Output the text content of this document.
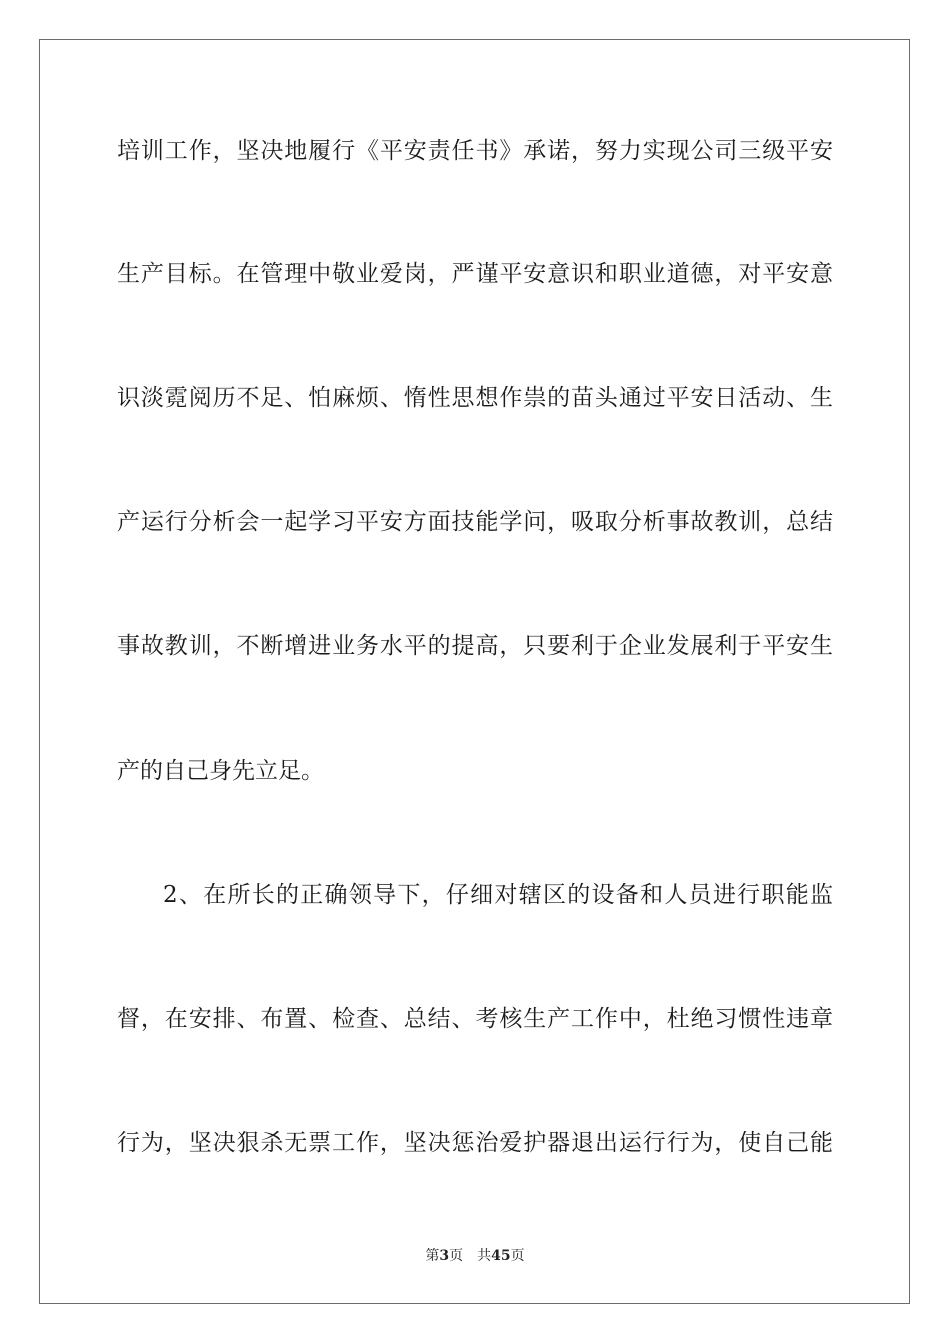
培训工作，坚决地履行《平安责任书》承诺，努力实现公司三级平安
生产目标。在管理中敬业爱岗，严谨平安意识和职业道德，对平安意
识淡霓阅历不足、怕麻烦、惰性思想作祟的苗头通过平安日活动、生
产运行分析会一起学习平安方面技能学问，吸取分析事故教训，总结
事故教训，不断增进业务水平的提高，只要利于企业发展利于平安生
产的自己身先立足。
2、在所长的正确领导下，仔细对辖区的设备和人员进行职能监
督，在安排、布置、检查、总结、考核生产工作中，杜绝习惯性违章
行为，坚决狠杀无票工作，坚决惩治爱护器退出运行行为，使自己能
第3页 共45页
